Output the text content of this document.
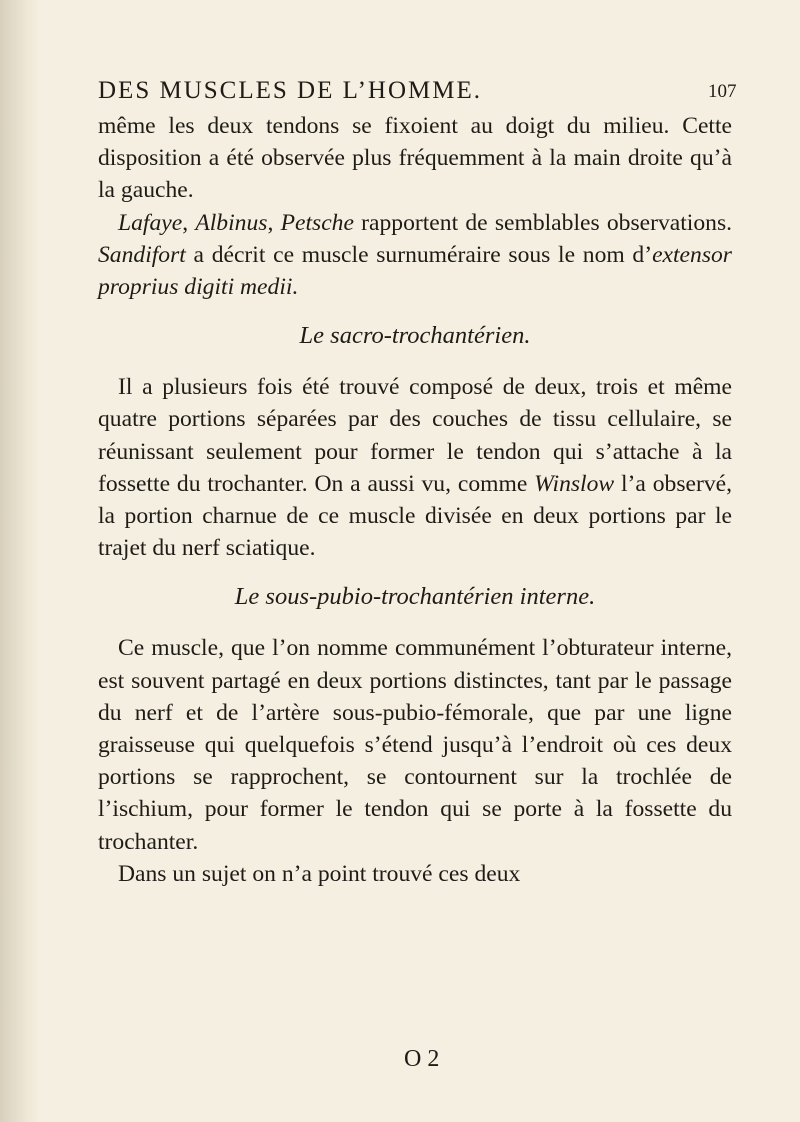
DES MUSCLES DE L’HOMME.	107

même les deux tendons se fixoient au doigt du milieu. Cette disposition a été observée plus fréquemment à la main droite qu’à la gauche.

Lafaye, Albinus, Petsche rapportent de semblables observations. Sandifort a décrit ce muscle surnuméraire sous le nom d’extensor proprius digiti medii.

Le sacro-trochantérien.

Il a plusieurs fois été trouvé composé de deux, trois et même quatre portions séparées par des couches de tissu cellulaire, se réunissant seulement pour former le tendon qui s’attache à la fossette du trochanter. On a aussi vu, comme Winslow l’a observé, la portion charnue de ce muscle divisée en deux portions par le trajet du nerf sciatique.

Le sous-pubio-trochantérien interne.

Ce muscle, que l’on nomme communément l’obturateur interne, est souvent partagé en deux portions distinctes, tant par le passage du nerf et de l’artère sous-pubio-fémorale, que par une ligne graisseuse qui quelquefois s’étend jusqu’à l’endroit où ces deux portions se rapprochent, se contournent sur la trochlée de l’ischium, pour former le tendon qui se porte à la fossette du trochanter.

Dans un sujet on n’a point trouvé ces deux

O 2
